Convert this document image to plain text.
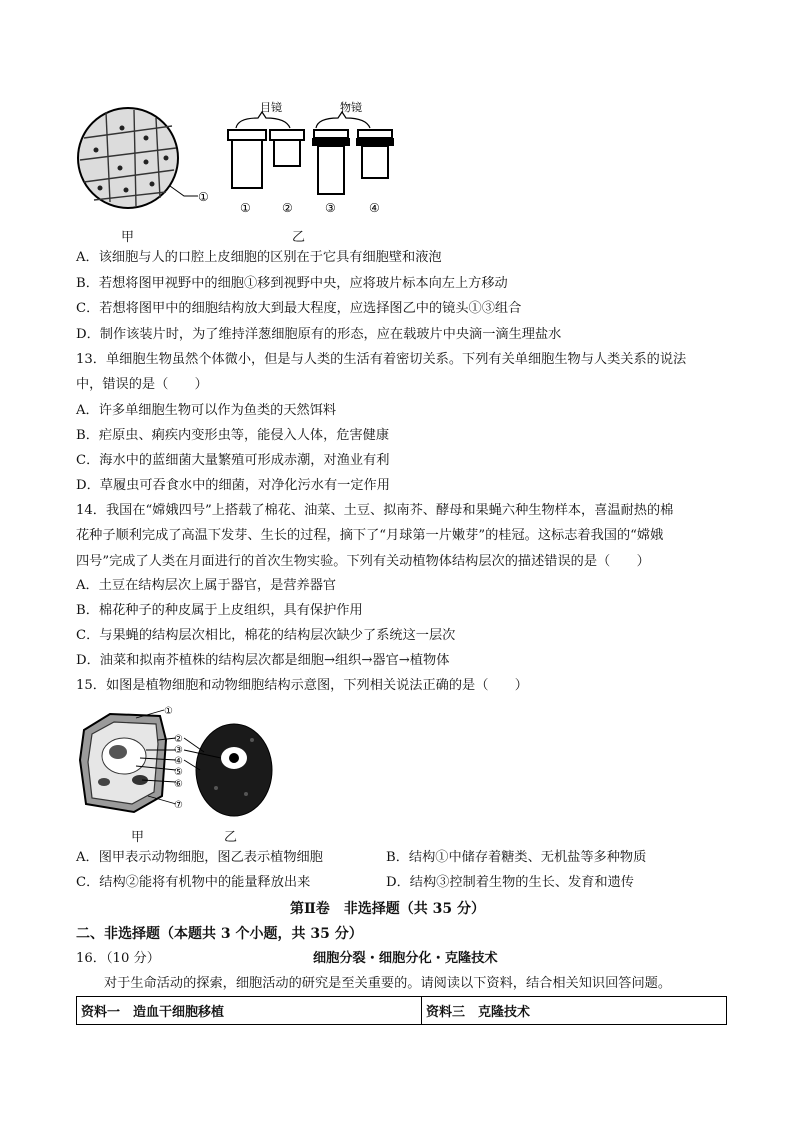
①
目镜	物镜
①	②	③	④
甲	乙
A．该细胞与人的口腔上皮细胞的区别在于它具有细胞壁和液泡
B．若想将图甲视野中的细胞①移到视野中央，应将玻片标本向左上方移动
C．若想将图甲中的细胞结构放大到最大程度，应选择图乙中的镜头①③组合
D．制作该装片时，为了维持洋葱细胞原有的形态，应在载玻片中央滴一滴生理盐水
13．单细胞生物虽然个体微小，但是与人类的生活有着密切关系。下列有关单细胞生物与人类关系的说法
中，错误的是（　　）
A．许多单细胞生物可以作为鱼类的天然饵料
B．疟原虫、痢疾内变形虫等，能侵入人体，危害健康
C．海水中的蓝细菌大量繁殖可形成赤潮，对渔业有利
D．草履虫可吞食水中的细菌，对净化污水有一定作用
14．我国在“嫦娥四号”上搭载了棉花、油菜、土豆、拟南芥、酵母和果蝇六种生物样本，喜温耐热的棉
花种子顺利完成了高温下发芽、生长的过程，摘下了“月球第一片嫩芽”的桂冠。这标志着我国的“嫦娥
四号”完成了人类在月面进行的首次生物实验。下列有关动植物体结构层次的描述错误的是（　　）
A．土豆在结构层次上属于器官，是营养器官
B．棉花种子的种皮属于上皮组织，具有保护作用
C．与果蝇的结构层次相比，棉花的结构层次缺少了系统这一层次
D．油菜和拟南芥植株的结构层次都是细胞→组织→器官→植物体
15．如图是植物细胞和动物细胞结构示意图，下列相关说法正确的是（　　）
①
②
③
④
⑤
⑥
⑦
甲	乙
A．图甲表示动物细胞，图乙表示植物细胞	B．结构①中储存着糖类、无机盐等多种物质
C．结构②能将有机物中的能量释放出来	D．结构③控制着生物的生长、发育和遗传
第Ⅱ卷　非选择题（共 35 分）
二、非选择题（本题共 3 个小题，共 35 分）
16．（10 分）	细胞分裂・细胞分化・克隆技术
对于生命活动的探索，细胞活动的研究是至关重要的。请阅读以下资料，结合相关知识回答问题。
资料一　造血干细胞移植	资料三　克隆技术
